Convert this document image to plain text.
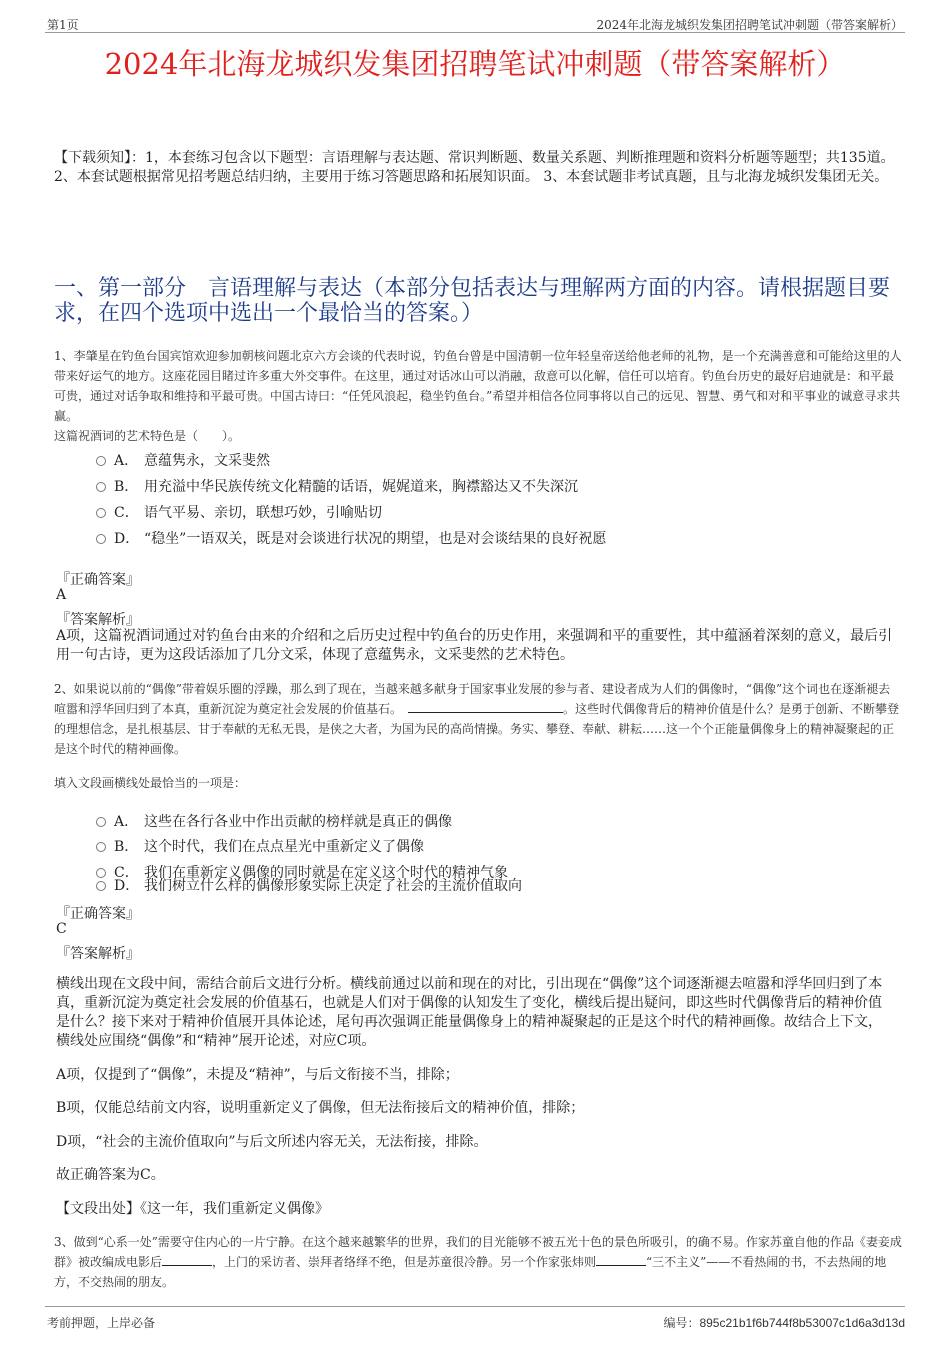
第1页	2024年北海龙城织发集团招聘笔试冲刺题（带答案解析）
2024年北海龙城织发集团招聘笔试冲刺题（带答案解析）
【下载须知】：1，本套练习包含以下题型：言语理解与表达题、常识判断题、数量关系题、判断推理题和资料分析题等题型；共135道。 2、本套试题根据常见招考题总结归纳，主要用于练习答题思路和拓展知识面。 3、本套试题非考试真题，且与北海龙城织发集团无关。
一、第一部分　言语理解与表达（本部分包括表达与理解两方面的内容。请根据题目要求，在四个选项中选出一个最恰当的答案。）
1、李肇星在钓鱼台国宾馆欢迎参加朝核问题北京六方会谈的代表时说，钓鱼台曾是中国清朝一位年轻皇帝送给他老师的礼物，是一个充满善意和可能给这里的人带来好运气的地方。这座花园目睹过许多重大外交事件。在这里，通过对话冰山可以消融，敌意可以化解，信任可以培育。钓鱼台历史的最好启迪就是：和平最可贵，通过对话争取和维持和平最可贵。中国古诗曰：“任凭风浪起，稳坐钓鱼台。”希望并相信各位同事将以自己的远见、智慧、勇气和对和平事业的诚意寻求共赢。
这篇祝酒词的艺术特色是（　　）。
A． 意蕴隽永，文采斐然
B． 用充溢中华民族传统文化精髓的话语，娓娓道来，胸襟豁达又不失深沉
C． 语气平易、亲切，联想巧妙，引喻贴切
D． “稳坐”一语双关，既是对会谈进行状况的期望，也是对会谈结果的良好祝愿
『正确答案』
A
『答案解析』
A项，这篇祝酒词通过对钓鱼台由来的介绍和之后历史过程中钓鱼台的历史作用，来强调和平的重要性，其中蕴涵着深刻的意义，最后引用一句古诗，更为这段话添加了几分文采，体现了意蕴隽永，文采斐然的艺术特色。
2、如果说以前的“偶像”带着娱乐圈的浮躁，那么到了现在，当越来越多献身于国家事业发展的参与者、建设者成为人们的偶像时，“偶像”这个词也在逐渐褪去喧嚣和浮华回归到了本真，重新沉淀为奠定社会发展的价值基石。　	。这些时代偶像背后的精神价值是什么？是勇于创新、不断攀登的理想信念，是扎根基层、甘于奉献的无私无畏，是侠之大者，为国为民的高尚情操。务实、攀登、奉献、耕耘……这一个个正能量偶像身上的精神凝聚起的正是这个时代的精神画像。
填入文段画横线处最恰当的一项是：
A． 这些在各行各业中作出贡献的榜样就是真正的偶像
B． 这个时代，我们在点点星光中重新定义了偶像
C． 我们在重新定义偶像的同时就是在定义这个时代的精神气象
D． 我们树立什么样的偶像形象实际上决定了社会的主流价值取向
『正确答案』
C
『答案解析』
横线出现在文段中间，需结合前后文进行分析。横线前通过以前和现在的对比，引出现在“偶像”这个词逐渐褪去喧嚣和浮华回归到了本真，重新沉淀为奠定社会发展的价值基石，也就是人们对于偶像的认知发生了变化，横线后提出疑问，即这些时代偶像背后的精神价值是什么？接下来对于精神价值展开具体论述，尾句再次强调正能量偶像身上的精神凝聚起的正是这个时代的精神画像。故结合上下文，横线处应围绕“偶像”和“精神”展开论述，对应C项。
A项，仅提到了“偶像”，未提及“精神”，与后文衔接不当，排除；
B项，仅能总结前文内容，说明重新定义了偶像，但无法衔接后文的精神价值，排除；
D项，“社会的主流价值取向”与后文所述内容无关，无法衔接，排除。
故正确答案为C。
【文段出处】《这一年，我们重新定义偶像》
3、做到“心系一处”需要守住内心的一片宁静。在这个越来越繁华的世界，我们的目光能够不被五光十色的景色所吸引，的确不易。作家苏童自他的作品《妻妾成群》被改编成电影后	，上门的采访者、崇拜者络绎不绝，但是苏童很冷静。另一个作家张炜则	“三不主义”——不看热闹的书，不去热闹的地方，不交热闹的朋友。
考前押题，上岸必备	编号：895c21b1f6b744f8b53007c1d6a3d13d
